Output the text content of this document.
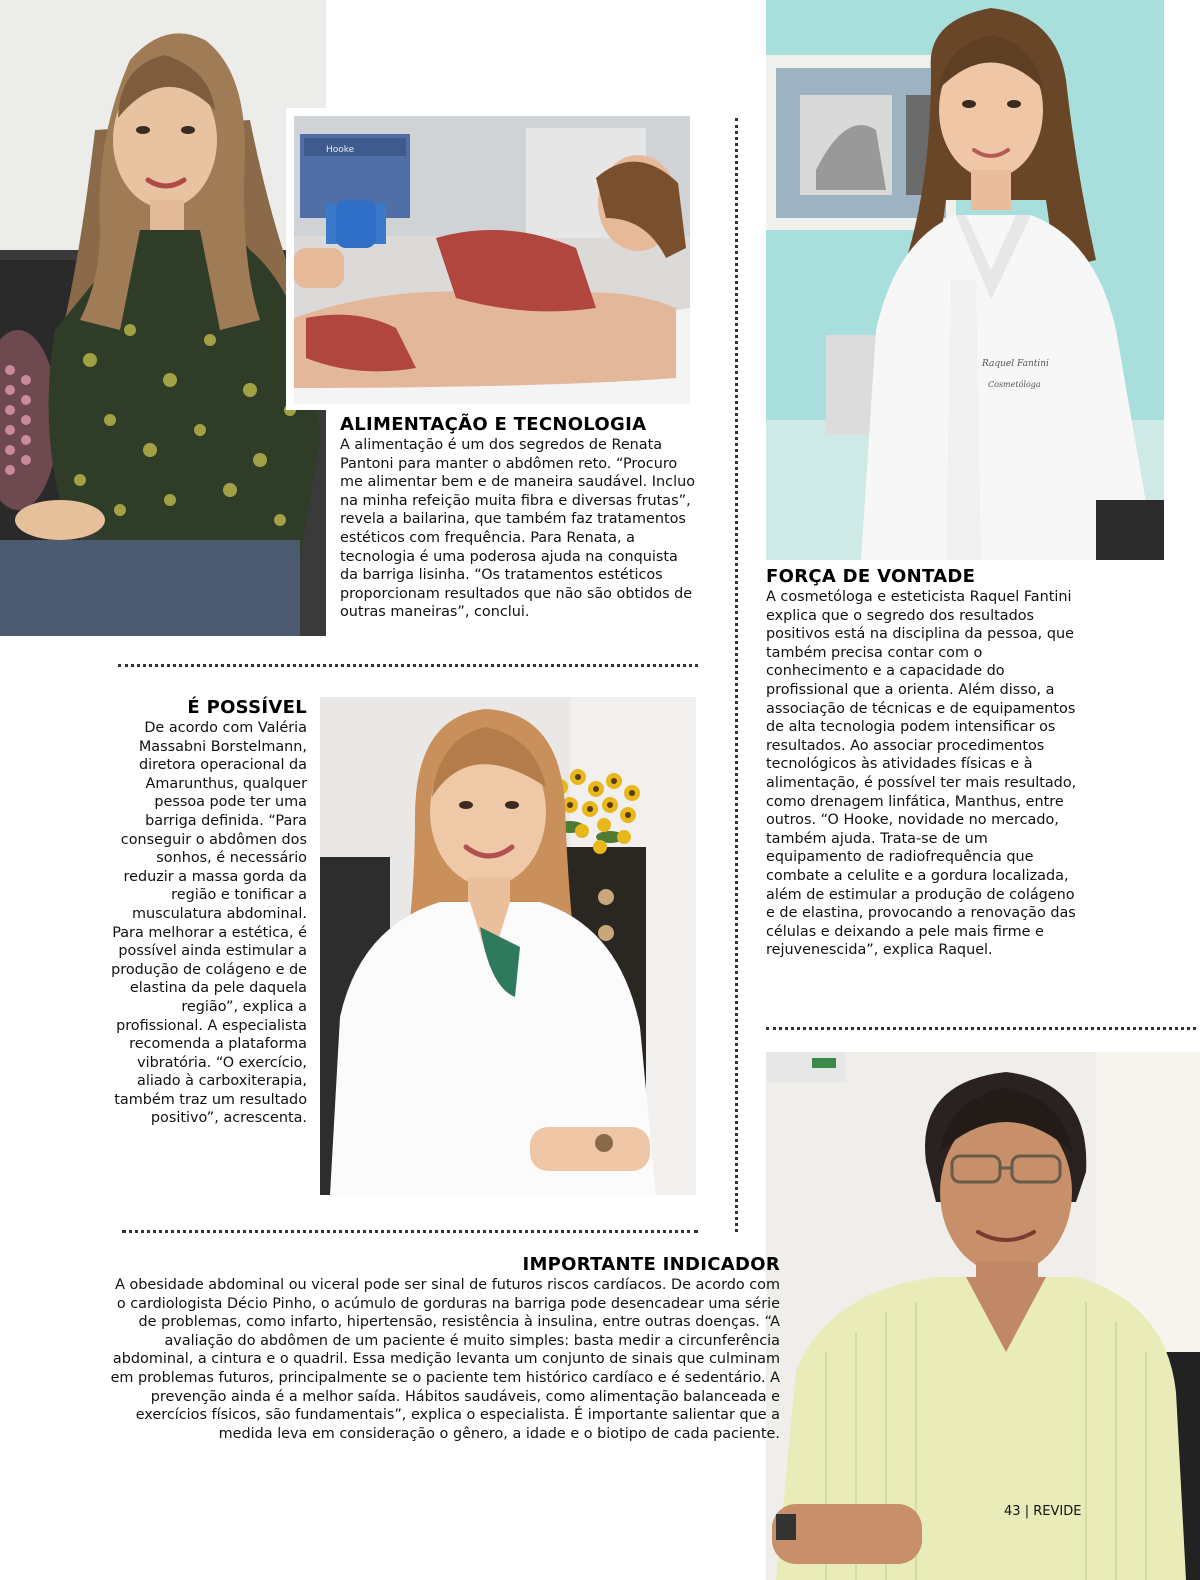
Hooke
ALIMENTAÇÃO E TECNOLOGIA

A alimentação é um dos segredos de Renata Pantoni para manter o abdômen reto. “Procuro me alimentar bem e de maneira saudável. Incluo na minha refeição muita fibra e diversas frutas”, revela a bailarina, que também faz tratamentos estéticos com frequência. Para Renata, a tecnologia é uma poderosa ajuda na conquista da barriga lisinha. “Os tratamentos estéticos proporcionam resultados que não são obtidos de outras maneiras”, conclui.

Raquel Fantini
Cosmetóloga
FORÇA DE VONTADE

A cosmetóloga e esteticista Raquel Fantini explica que o segredo dos resultados positivos está na disciplina da pessoa, que também precisa contar com o conhecimento e a capacidade do profissional que a orienta. Além disso, a associação de técnicas e de equipamentos de alta tecnologia podem intensificar os resultados. Ao associar procedimentos tecnológicos às atividades físicas e à alimentação, é possível ter mais resultado, como drenagem linfática, Manthus, entre outros. “O Hooke, novidade no mercado, também ajuda. Trata-se de um equipamento de radiofrequência que combate a celulite e a gordura localizada, além de estimular a produção de colágeno e de elastina, provocando a renovação das células e deixando a pele mais firme e rejuvenescida”, explica Raquel.

É POSSÍVEL

De acordo com Valéria Massabni Borstelmann, diretora operacional da Amarunthus, qualquer pessoa pode ter uma barriga definida. “Para conseguir o abdômen dos sonhos, é necessário reduzir a massa gorda da região e tonificar a musculatura abdominal. Para melhorar a estética, é possível ainda estimular a produção de colágeno e de elastina da pele daquela região”, explica a profissional. A especialista recomenda a plataforma vibratória. “O exercício, aliado à carboxiterapia, também traz um resultado positivo”, acrescenta.

IMPORTANTE INDICADOR

A obesidade abdominal ou viceral pode ser sinal de futuros riscos cardíacos. De acordo com o cardiologista Décio Pinho, o acúmulo de gorduras na barriga pode desencadear uma série de problemas, como infarto, hipertensão, resistência à insulina, entre outras doenças. “A avaliação do abdômen de um paciente é muito simples: basta medir a circunferência abdominal, a cintura e o quadril. Essa medição levanta um conjunto de sinais que culminam em problemas futuros, principalmente se o paciente tem histórico cardíaco e é sedentário. A prevenção ainda é a melhor saída. Hábitos saudáveis, como alimentação balanceada e exercícios físicos, são fundamentais”, explica o especialista. É importante salientar que a medida leva em consideração o gênero, a idade e o biotipo de cada paciente.

43 | REVIDE
